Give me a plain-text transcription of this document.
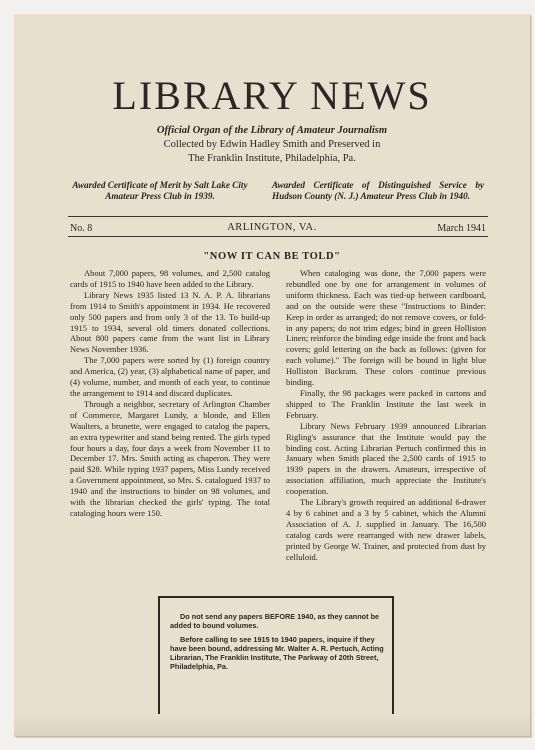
LIBRARY NEWS
Official Organ of the Library of Amateur Journalism
Collected by Edwin Hadley Smith and Preserved in
The Franklin Institute, Philadelphia, Pa.
Awarded Certificate of Merit by Salt Lake City Amateur Press Club in 1939.
Awarded Certificate of Distinguished Service by Hudson County (N. J.) Amateur Press Club in 1940.
No. 8	ARLINGTON, VA.	March 1941
"NOW IT CAN BE TOLD"

About 7,000 papers, 98 volumes, and 2,500 catalog cards of 1915 to 1940 have been added to the Library.

Library News 1935 listed 13 N. A. P. A. librarians from 1914 to Smith's appointment in 1934. He recovered only 500 papers and from only 3 of the 13. To build-up 1915 to 1934, several old timers donated collections. About 800 papers came from the want list in Library News November 1936.

The 7,000 papers were sorted by (1) foreign country and America, (2) year, (3) alphabetical name of paper, and (4) volume, number, and month of each year, to continue the arrangement to 1914 and discard duplicates.

Through a neighbor, secretary of Arlington Chamber of Commerce, Margaret Lundy, a blonde, and Ellen Waulters, a brunette, were engaged to catalog the papers, an extra typewriter and stand being rented. The girls typed four hours a day, four days a week from November 11 to December 17. Mrs. Smith acting as chaperon. They were paid $28. While typing 1937 papers, Miss Lundy received a Government appointment, so Mrs. S. catalogued 1937 to 1940 and the instructions to binder on 98 volumes, and with the librarian checked the girls' typing. The total cataloging hours were 150.

When cataloging was done, the 7,000 papers were rebundled one by one for arrangement in volumes of uniform thickness. Each was tied-up between cardboard, and on the outside were these "Instructions to Binder: Keep in order as arranged; do not remove covers, or fold-in any papers; do not trim edges; bind in green Holliston Linen; reinforce the binding edge inside the front and back covers; gold lettering on the back as follows: (given for each volume)." The foreign will be bound in light blue Holliston Buckram. These colors continue previous binding.

Finally, the 98 packages were packed in cartons and shipped to The Franklin Institute the last week in February.

Library News February 1939 announced Librarian Rigling's assurance that the Institute would pay the binding cost. Acting Librarian Pertuch confirmed this in January when Smith placed the 2,500 cards of 1915 to 1939 papers in the drawers. Amateurs, irrespective of association affiliation, much appreciate the Institute's cooperation.

The Library's growth required an additional 6-drawer 4 by 6 cabinet and a 3 by 5 cabinet, which the Alumni Association of A. J. supplied in January. The 16,500 catalog cards were rearranged with new drawer labels, printed by George W. Trainer, and protected from dust by celluloid.

Do not send any papers BEFORE 1940, as they cannot be added to bound volumes.

Before calling to see 1915 to 1940 papers, inquire if they have been bound, addressing Mr. Walter A. R. Pertuch, Acting Librarian, The Franklin Institute, The Parkway of 20th Street, Philadelphia, Pa.
